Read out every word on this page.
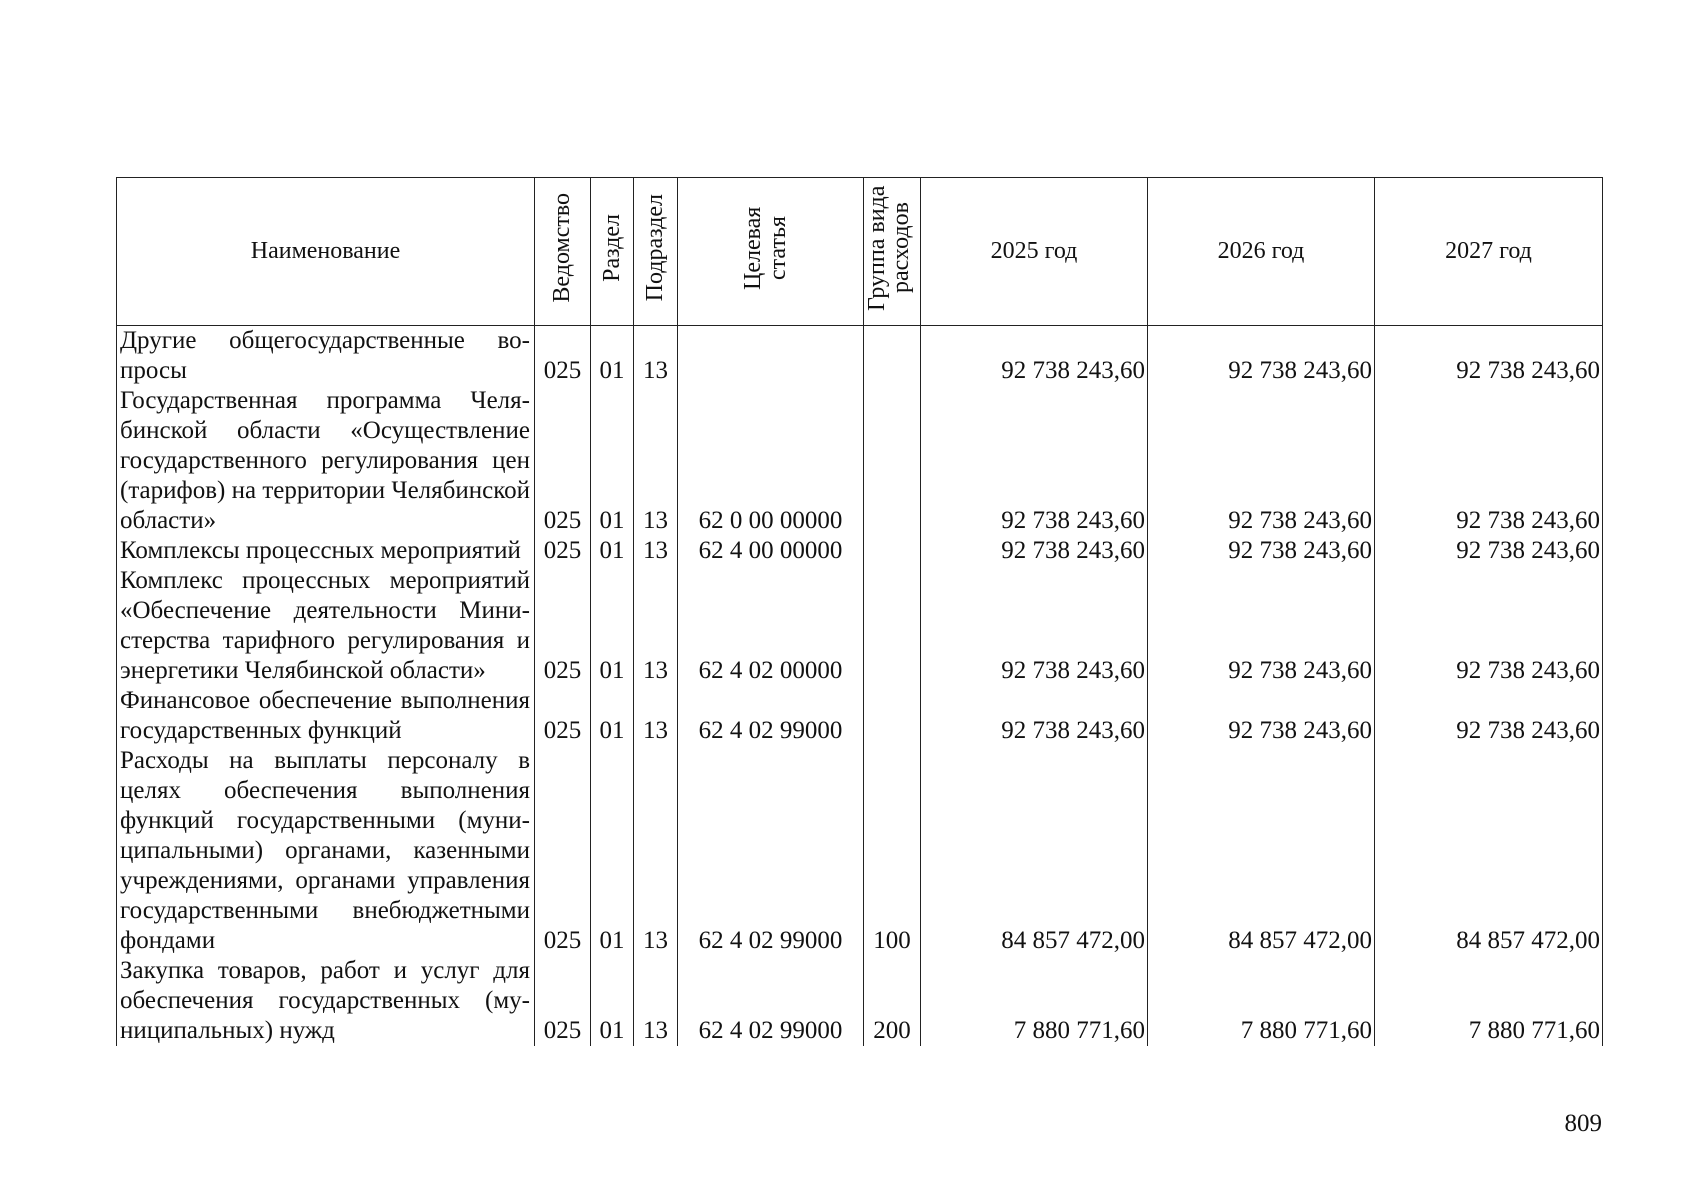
Наименование	Ведомство	Раздел	Подраздел	Целевая статья	Группа вида расходов	2025 год	2026 год	2027 год
Другие общегосударственные вопросы	025	01	13			92 738 243,60	92 738 243,60	92 738 243,60
Государственная программа Челябинской области «Осуществление государственного регулирования цен (тарифов) на территории Челябинской области»	025	01	13	62 0 00 00000		92 738 243,60	92 738 243,60	92 738 243,60
Комплексы процессных мероприятий	025	01	13	62 4 00 00000		92 738 243,60	92 738 243,60	92 738 243,60
Комплекс процессных мероприятий «Обеспечение деятельности Министерства тарифного регулирования и энергетики Челябинской области»	025	01	13	62 4 02 00000		92 738 243,60	92 738 243,60	92 738 243,60
Финансовое обеспечение выполнения государственных функций	025	01	13	62 4 02 99000		92 738 243,60	92 738 243,60	92 738 243,60
Расходы на выплаты персоналу в целях обеспечения выполнения функций государственными (муниципальными) органами, казенными учреждениями, органами управления государственными внебюджетными фондами	025	01	13	62 4 02 99000	100	84 857 472,00	84 857 472,00	84 857 472,00
Закупка товаров, работ и услуг для обеспечения государственных (муниципальных) нужд	025	01	13	62 4 02 99000	200	7 880 771,60	7 880 771,60	7 880 771,60
809
